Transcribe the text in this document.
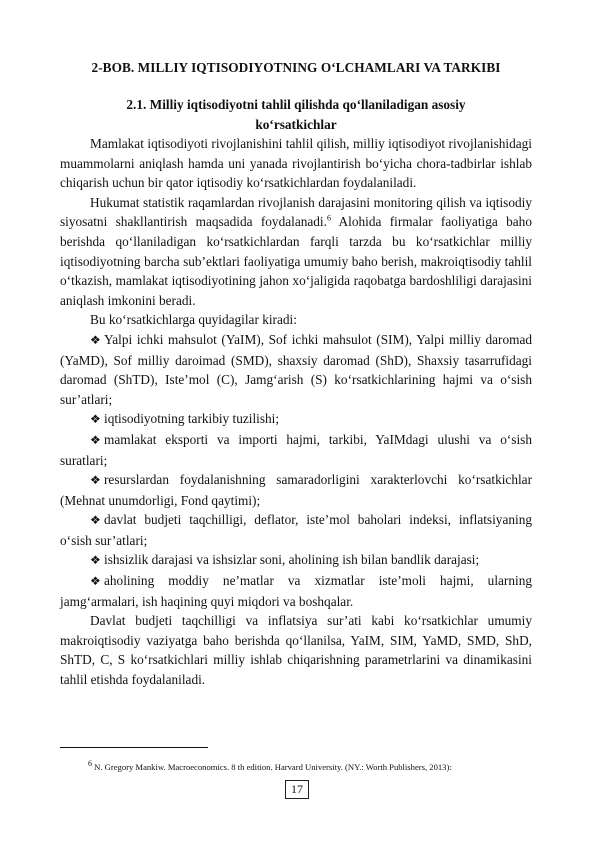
2-BOB. MILLIY IQTISODIYOTNING O‘LCHAMLARI VA TARKIBI
2.1. Milliy iqtisodiyotni tahlil qilishda qo‘llaniladigan asosiy
ko‘rsatkichlar

Mamlakat iqtisodiyoti rivojlanishini tahlil qilish, milliy iqtisodiyot rivojlanishidagi muammolarni aniqlash hamda uni yanada rivojlantirish bo‘yicha chora-tadbirlar ishlab chiqarish uchun bir qator iqtisodiy ko‘rsatkichlardan foydalaniladi.

Hukumat statistik raqamlardan rivojlanish darajasini monitoring qilish va iqtisodiy siyosatni shakllantirish maqsadida foydalanadi.$^6$ Alohida firmalar faoliyatiga baho berishda qo‘llaniladigan ko‘rsatkichlardan farqli tarzda bu ko‘rsatkichlar milliy iqtisodiyotning barcha sub’ektlari faoliyatiga umumiy baho berish, makroiqtisodiy tahlil o‘tkazish, mamlakat iqtisodiyotining jahon xo‘jaligida raqobatga bardoshliligi darajasini aniqlash imkonini beradi.

Bu ko‘rsatkichlarga quyidagilar kiradi:

❖ Yalpi ichki mahsulot (YaIM), Sof ichki mahsulot (SIM), Yalpi milliy daromad (YaMD), Sof milliy daroimad (SMD), shaxsiy daromad (ShD), Shaxsiy tasarrufidagi daromad (ShTD), Iste’mol (C), Jamg‘arish (S) ko‘rsatkichlarining hajmi va o‘sish sur’atlari;

❖ iqtisodiyotning tarkibiy tuzilishi;

❖ mamlakat eksporti va importi hajmi, tarkibi, YaIMdagi ulushi va o‘sish suratlari;

❖ resurslardan foydalanishning samaradorligini xarakterlovchi ko‘rsatkichlar (Mehnat unumdorligi, Fond qaytimi);

❖ davlat budjeti taqchilligi, deflator, iste’mol baholari indeksi, inflatsiyaning o‘sish sur’atlari;

❖ ishsizlik darajasi va ishsizlar soni, aholining ish bilan bandlik darajasi;

❖ aholining moddiy ne’matlar va xizmatlar iste’moli hajmi, ularning jamg‘armalari, ish haqining quyi miqdori va boshqalar.

Davlat budjeti taqchilligi va inflatsiya sur’ati kabi ko‘rsatkichlar umumiy makroiqtisodiy vaziyatga baho berishda qo‘llanilsa, YaIM, SIM, YaMD, SMD, ShD, ShTD, C, S ko‘rsatkichlari milliy ishlab chiqarishning parametrlarini va dinamikasini tahlil etishda foydalaniladi.

$^6$ N. Gregory Mankiw. Macroeconomics. 8 th edition. Harvard University. (NY.: Worth Publishers, 2013):
17
